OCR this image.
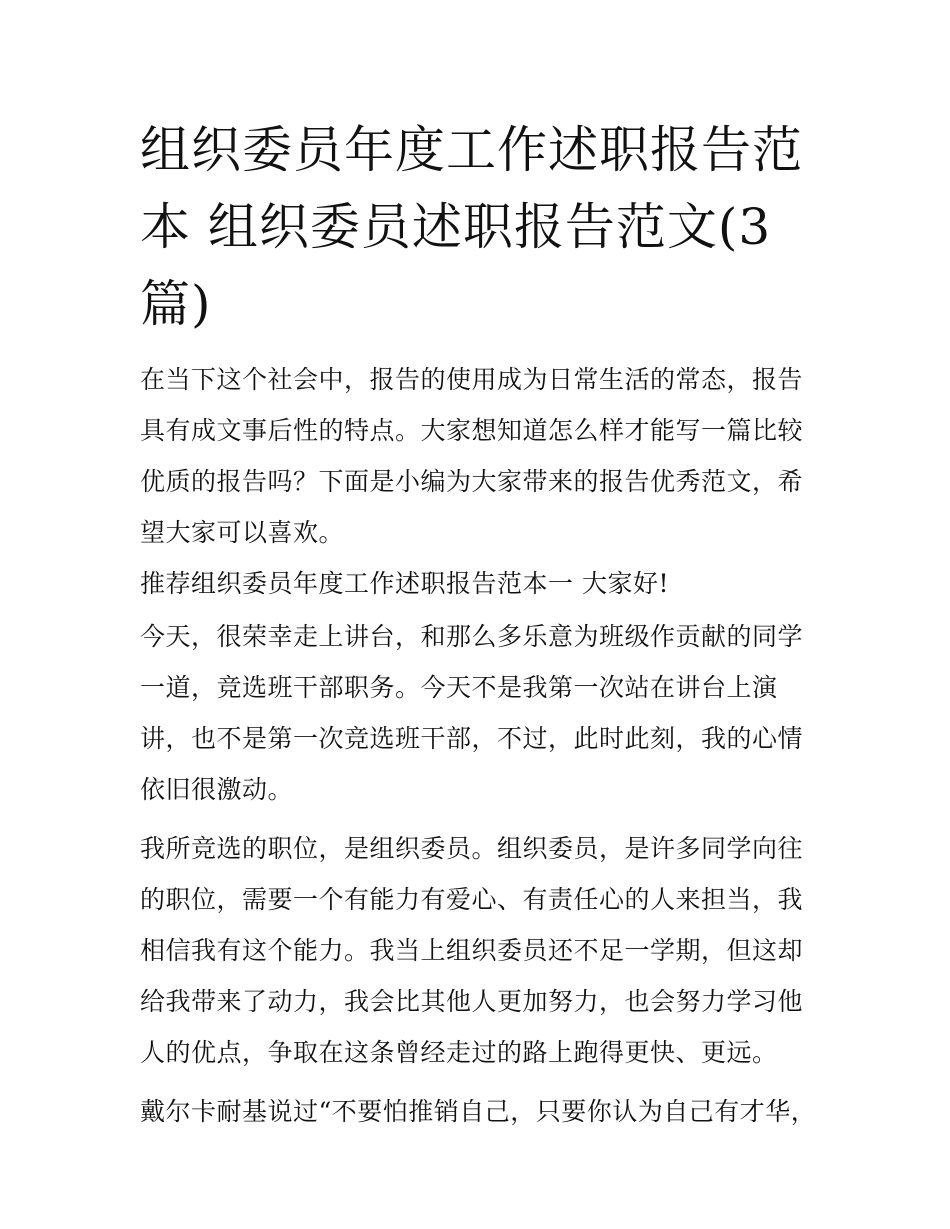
组织委员年度工作述职报告范本 组织委员述职报告范文(3篇)

在当下这个社会中，报告的使用成为日常生活的常态，报告具有成文事后性的特点。大家想知道怎么样才能写一篇比较优质的报告吗？下面是小编为大家带来的报告优秀范文，希望大家可以喜欢。

推荐组织委员年度工作述职报告范本一 大家好!

今天，很荣幸走上讲台，和那么多乐意为班级作贡献的同学一道，竞选班干部职务。今天不是我第一次站在讲台上演讲，也不是第一次竞选班干部，不过，此时此刻，我的心情依旧很激动。

我所竞选的职位，是组织委员。组织委员，是许多同学向往的职位，需要一个有能力有爱心、有责任心的人来担当，我相信我有这个能力。我当上组织委员还不足一学期，但这却给我带来了动力，我会比其他人更加努力，也会努力学习他人的优点，争取在这条曾经走过的路上跑得更快、更远。

戴尔卡耐基说过“不要怕推销自己，只要你认为自己有才华，
